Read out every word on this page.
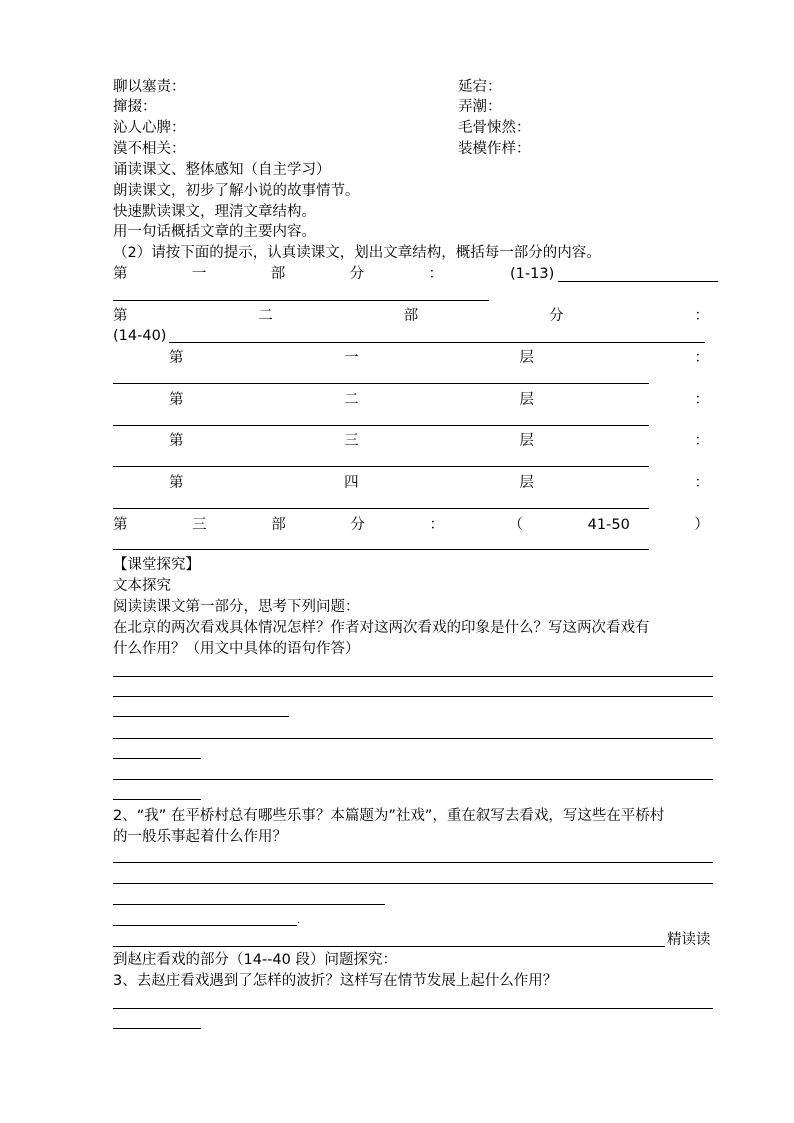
聊以塞责：	延宕：
撺掇：	弄潮：
沁人心脾：	毛骨悚然：
漠不相关：	装模作样：
诵读课文、整体感知（自主学习）
朗读课文，初步了解小说的故事情节。
快速默读课文，理清文章结构。
用一句话概括文章的主要内容。
（2）请按下面的提示，认真读课文，划出文章结构，概括每一部分的内容。
第	一	部	分	：	(1-13)
第	二	部	分	：
(14-40)
第	一	层	：
第	二	层	：
第	三	层	：
第	四	层	：
第	三	部	分	：	（	41-50	）
【课堂探究】
文本探究
阅读读课文第一部分，思考下列问题：
在北京的两次看戏具体情况怎样？作者对这两次看戏的印象是什么？写这两次看戏有
什么作用？（用文中具体的语句作答）
2、“我” 在平桥村总有哪些乐事？本篇题为”社戏”，重在叙写去看戏，写这些在平桥村
的一般乐事起着什么作用？
.
精读读
到赵庄看戏的部分（14--40 段）问题探究：
3、去赵庄看戏遇到了怎样的波折？这样写在情节发展上起什么作用？
